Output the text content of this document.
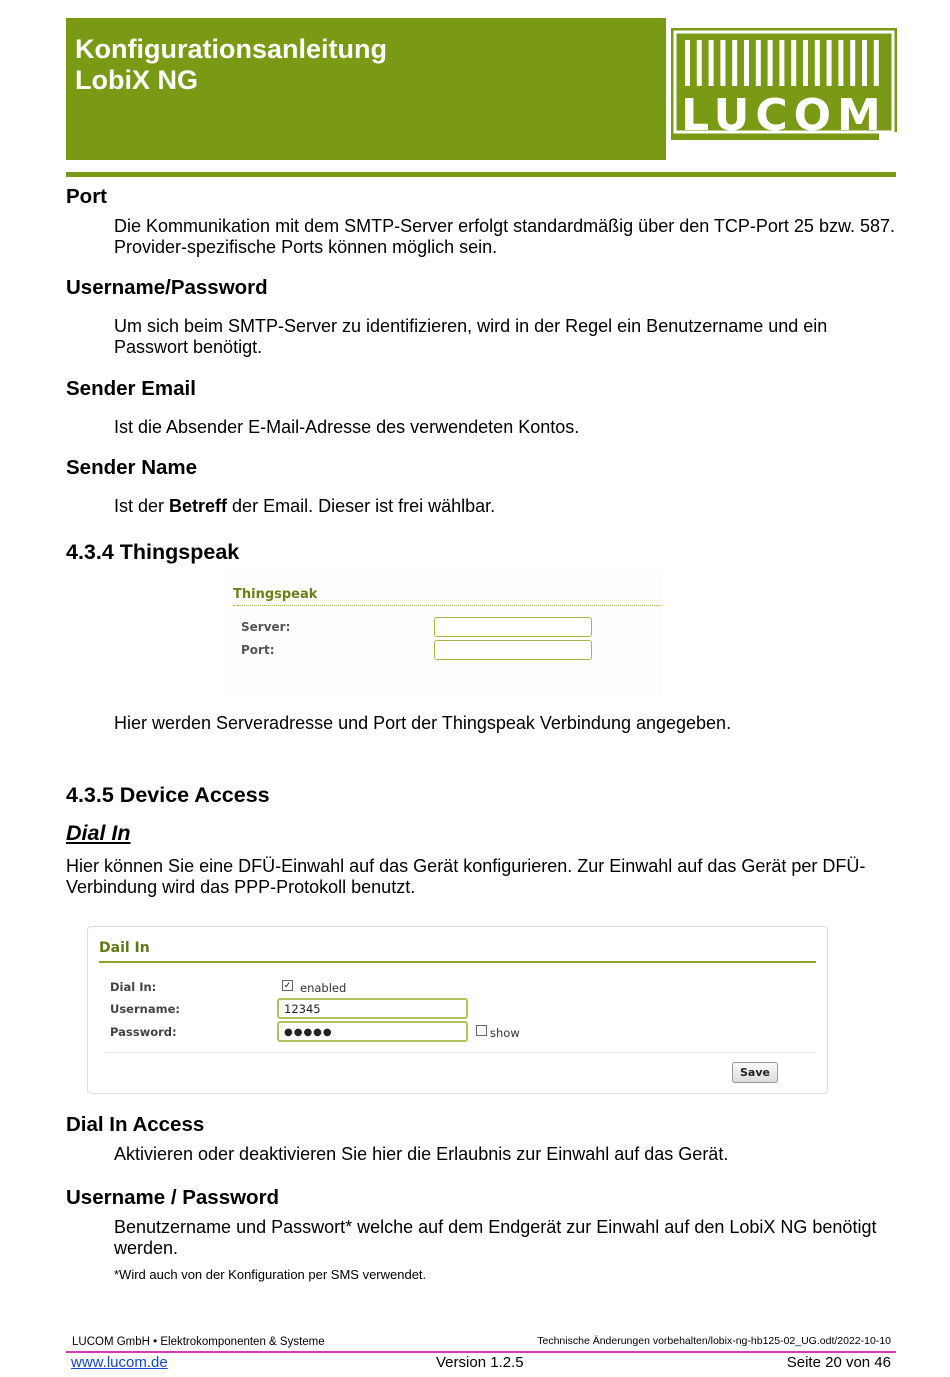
Konfigurationsanleitung
LobiX NG
LUCOM
Port
Die Kommunikation mit dem SMTP-Server erfolgt standardmäßig über den TCP-Port 25 bzw. 587. Provider-spezifische Ports können möglich sein.
Username/Password
Um sich beim SMTP-Server zu identifizieren, wird in der Regel ein Benutzername und ein Passwort benötigt.
Sender Email
Ist die Absender E-Mail-Adresse des verwendeten Kontos.
Sender Name
Ist der Betreff der Email. Dieser ist frei wählbar.
4.3.4 Thingspeak
Thingspeak
Server:
Port:
Hier werden Serveradresse und Port der Thingspeak Verbindung angegeben.
4.3.5 Device Access
Dial In
Hier können Sie eine DFÜ-Einwahl auf das Gerät konfigurieren. Zur Einwahl auf das Gerät per DFÜ-Verbindung wird das PPP-Protokoll benutzt.
Dail In
Dial In:	✓ enabled
Username:	12345
Password:	●●●●●	show
Save
Dial In Access
Aktivieren oder deaktivieren Sie hier die Erlaubnis zur Einwahl auf das Gerät.
Username / Password
Benutzername und Passwort* welche auf dem Endgerät zur Einwahl auf den LobiX NG benötigt werden.
*Wird auch von der Konfiguration per SMS verwendet.
LUCOM GmbH • Elektrokomponenten & Systeme	Technische Änderungen vorbehalten/lobix-ng-hb125-02_UG.odt/2022-10-10
www.lucom.de	Version 1.2.5	Seite 20 von 46
